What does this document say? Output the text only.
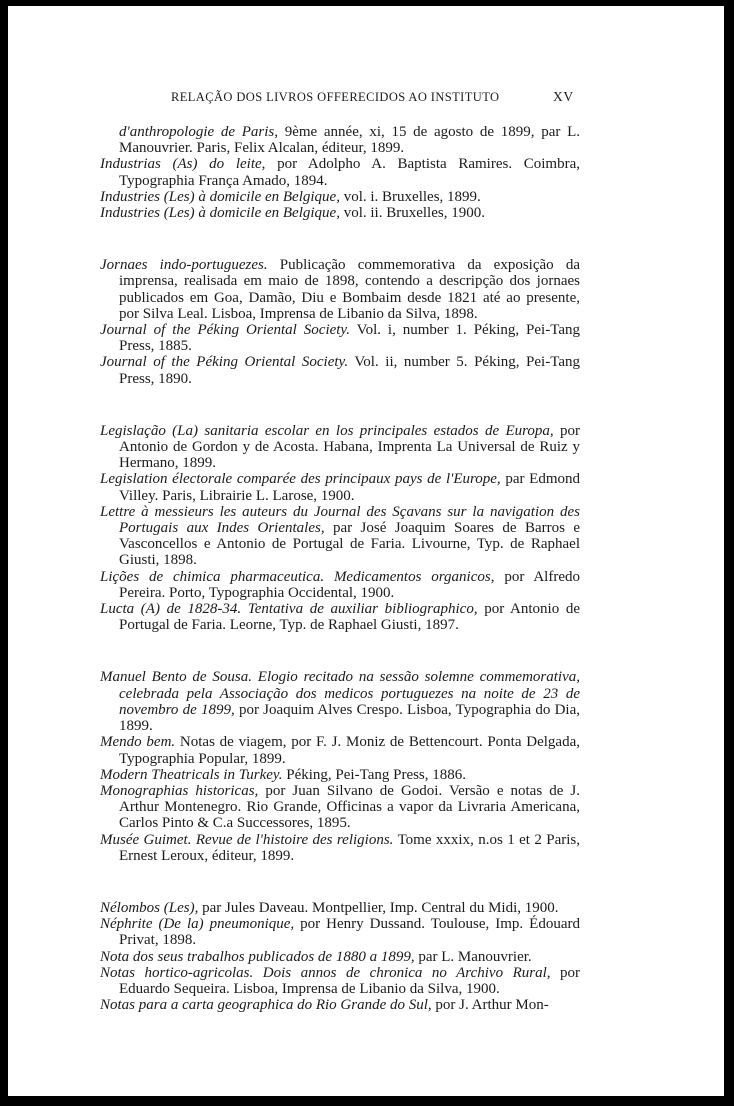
RELAÇÃO DOS LIVROS OFFERECIDOS AO INSTITUTO	XV

d'anthropologie de Paris, 9ème année, xi, 15 de agosto de 1899, par L. Manouvrier. Paris, Felix Alcalan, éditeur, 1899.

Industrias (As) do leite, por Adolpho A. Baptista Ramires. Coimbra, Typographia França Amado, 1894.

Industries (Les) à domicile en Belgique, vol. i. Bruxelles, 1899.

Industries (Les) à domicile en Belgique, vol. ii. Bruxelles, 1900.

Jornaes indo-portuguezes. Publicação commemorativa da exposição da imprensa, realisada em maio de 1898, contendo a descripção dos jornaes publicados em Goa, Damão, Diu e Bombaim desde 1821 até ao presente, por Silva Leal. Lisboa, Imprensa de Libanio da Silva, 1898.

Journal of the Péking Oriental Society. Vol. i, number 1. Péking, Pei-Tang Press, 1885.

Journal of the Péking Oriental Society. Vol. ii, number 5. Péking, Pei-Tang Press, 1890.

Legislação (La) sanitaria escolar en los principales estados de Europa, por Antonio de Gordon y de Acosta. Habana, Imprenta La Universal de Ruiz y Hermano, 1899.

Legislation électorale comparée des principaux pays de l'Europe, par Edmond Villey. Paris, Librairie L. Larose, 1900.

Lettre à messieurs les auteurs du Journal des Sçavans sur la navigation des Portugais aux Indes Orientales, par José Joaquim Soares de Barros e Vasconcellos e Antonio de Portugal de Faria. Livourne, Typ. de Raphael Giusti, 1898.

Lições de chimica pharmaceutica. Medicamentos organicos, por Alfredo Pereira. Porto, Typographia Occidental, 1900.

Lucta (A) de 1828-34. Tentativa de auxiliar bibliographico, por Antonio de Portugal de Faria. Leorne, Typ. de Raphael Giusti, 1897.

Manuel Bento de Sousa. Elogio recitado na sessão solemne commemorativa, celebrada pela Associação dos medicos portuguezes na noite de 23 de novembro de 1899, por Joaquim Alves Crespo. Lisboa, Typographia do Dia, 1899.

Mendo bem. Notas de viagem, por F. J. Moniz de Bettencourt. Ponta Delgada, Typographia Popular, 1899.

Modern Theatricals in Turkey. Péking, Pei-Tang Press, 1886.

Monographias historicas, por Juan Silvano de Godoi. Versão e notas de J. Arthur Montenegro. Rio Grande, Officinas a vapor da Livraria Americana, Carlos Pinto & C.a Successores, 1895.

Musée Guimet. Revue de l'histoire des religions. Tome xxxix, n.os 1 et 2 Paris, Ernest Leroux, éditeur, 1899.

Nélombos (Les), par Jules Daveau. Montpellier, Imp. Central du Midi, 1900.

Néphrite (De la) pneumonique, por Henry Dussand. Toulouse, Imp. Édouard Privat, 1898.

Nota dos seus trabalhos publicados de 1880 a 1899, par L. Manouvrier.

Notas hortico-agricolas. Dois annos de chronica no Archivo Rural, por Eduardo Sequeira. Lisboa, Imprensa de Libanio da Silva, 1900.

Notas para a carta geographica do Rio Grande do Sul, por J. Arthur Mon-
